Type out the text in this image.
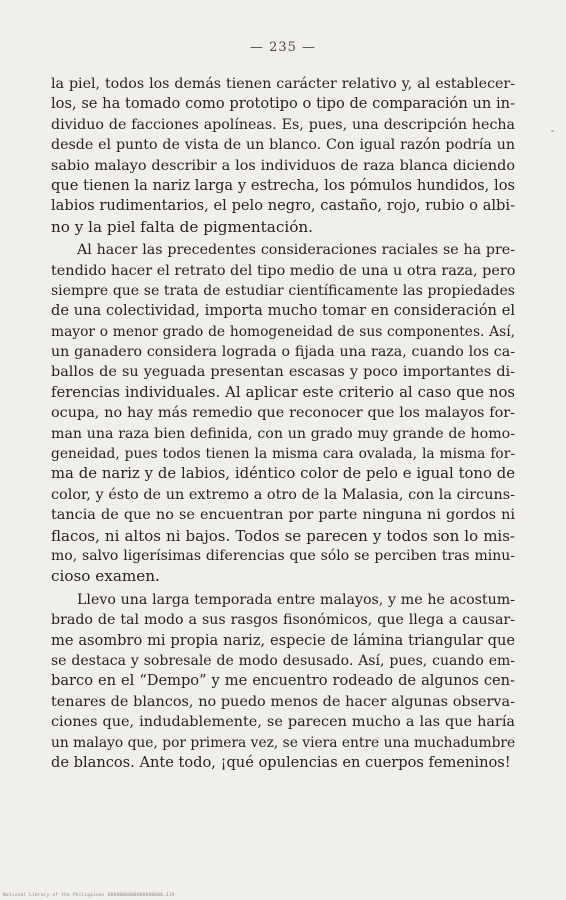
— 235 —
la piel, todos los demás tienen carácter relativo y, al establecer-
los, se ha tomado como prototipo o tipo de comparación un in-
dividuo de facciones apolíneas. Es, pues, una descripción hecha
desde el punto de vista de un blanco. Con igual razón podría un
sabio malayo describir a los individuos de raza blanca diciendo
que tienen la nariz larga y estrecha, los pómulos hundidos, los
labios rudimentarios, el pelo negro, castaño, rojo, rubio o albi-
no y la piel falta de pigmentación.
Al hacer las precedentes consideraciones raciales se ha pre-
tendido hacer el retrato del tipo medio de una u otra raza, pero
siempre que se trata de estudiar científicamente las propiedades
de una colectividad, importa mucho tomar en consideración el
mayor o menor grado de homogeneidad de sus componentes. Así,
un ganadero considera lograda o fijada una raza, cuando los ca-
ballos de su yeguada presentan escasas y poco importantes di-
ferencias individuales. Al aplicar este criterio al caso que nos
ocupa, no hay más remedio que reconocer que los malayos for-
man una raza bien definida, con un grado muy grande de homo-
geneidad, pues todos tienen la misma cara ovalada, la misma for-
ma de nariz y de labios, idéntico color de pelo e igual tono de
color, y ésto de un extremo a otro de la Malasia, con la circuns-
tancia de que no se encuentran por parte ninguna ni gordos ni
flacos, ni altos ni bajos. Todos se parecen y todos son lo mis-
mo, salvo ligerísimas diferencias que sólo se perciben tras minu-
cioso examen.
Llevo una larga temporada entre malayos, y me he acostum-
brado de tal modo a sus rasgos fisonómicos, que llega a causar-
me asombro mi propia nariz, especie de lámina triangular que
se destaca y sobresale de modo desusado. Así, pues, cuando em-
barco en el “Dempo” y me encuentro rodeado de algunos cen-
tenares de blancos, no puedo menos de hacer algunas observa-
ciones que, indudablemente, se parecen mucho a las que haría
un malayo que, por primera vez, se viera entre una muchadumbre
de blancos. Ante todo, ¡qué opulencias en cuerpos femeninos!
National Library of the Philippines 0000000000000000000.119
